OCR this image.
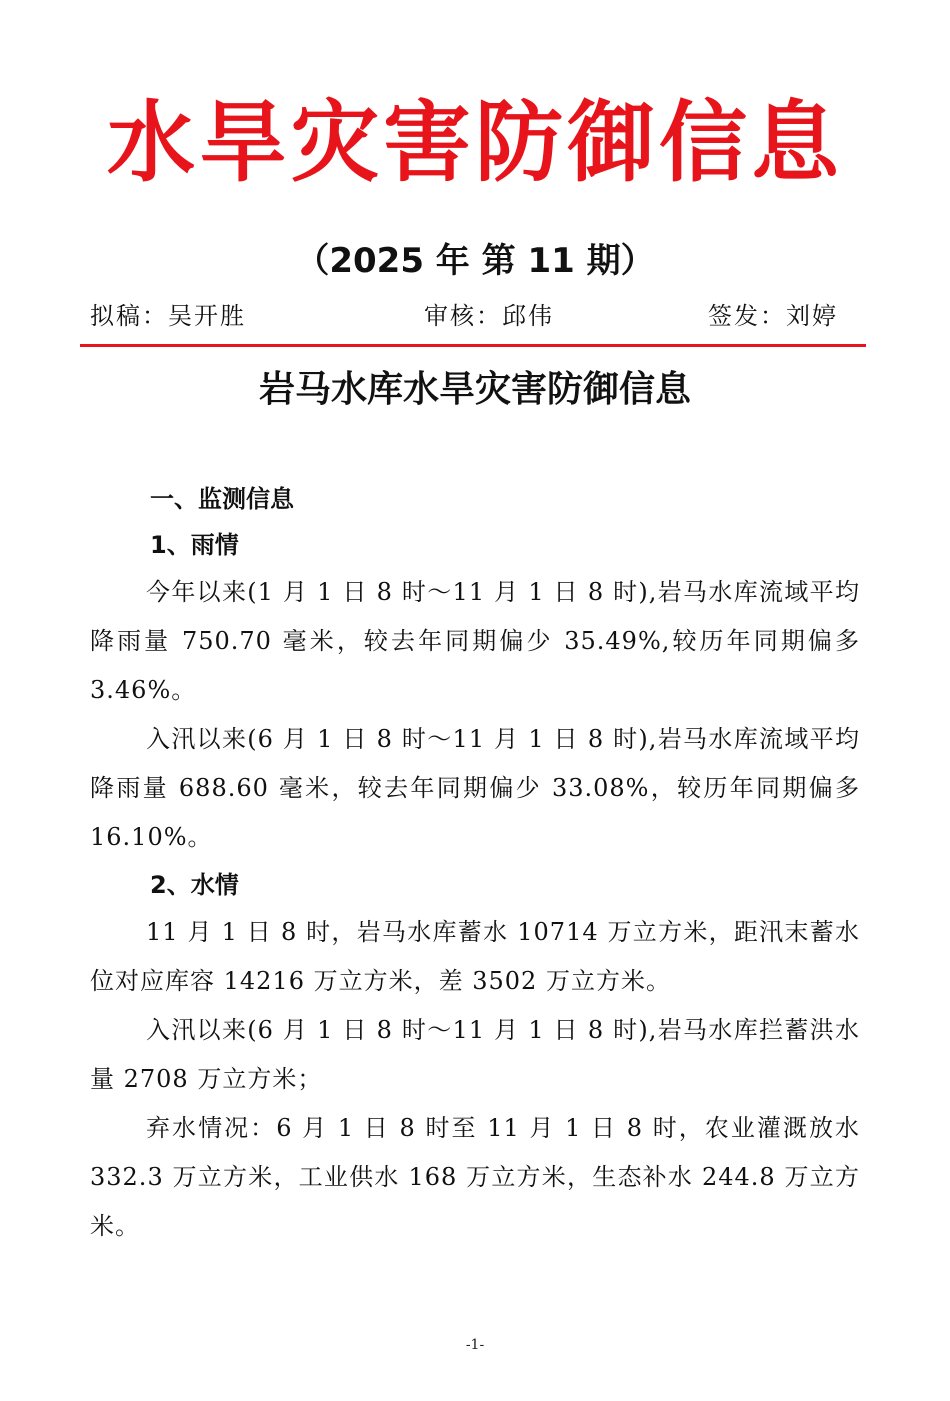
水旱灾害防御信息
（2025 年 第 11 期）
拟稿：吴开胜	审核：邱伟	签发：刘婷
岩马水库水旱灾害防御信息

一、监测信息

1、雨情

今年以来(1 月 1 日 8 时～11 月 1 日 8 时),岩马水库流域平均降雨量 750.70 毫米，较去年同期偏少 35.49%,较历年同期偏多 3.46%。

入汛以来(6 月 1 日 8 时～11 月 1 日 8 时),岩马水库流域平均降雨量 688.60 毫米，较去年同期偏少 33.08%，较历年同期偏多 16.10%。

2、水情

11 月 1 日 8 时，岩马水库蓄水 10714 万立方米，距汛末蓄水位对应库容 14216 万立方米，差 3502 万立方米。

入汛以来(6 月 1 日 8 时～11 月 1 日 8 时),岩马水库拦蓄洪水量 2708 万立方米；

弃水情况：6 月 1 日 8 时至 11 月 1 日 8 时，农业灌溉放水 332.3 万立方米，工业供水 168 万立方米，生态补水 244.8 万立方米。

-1-
